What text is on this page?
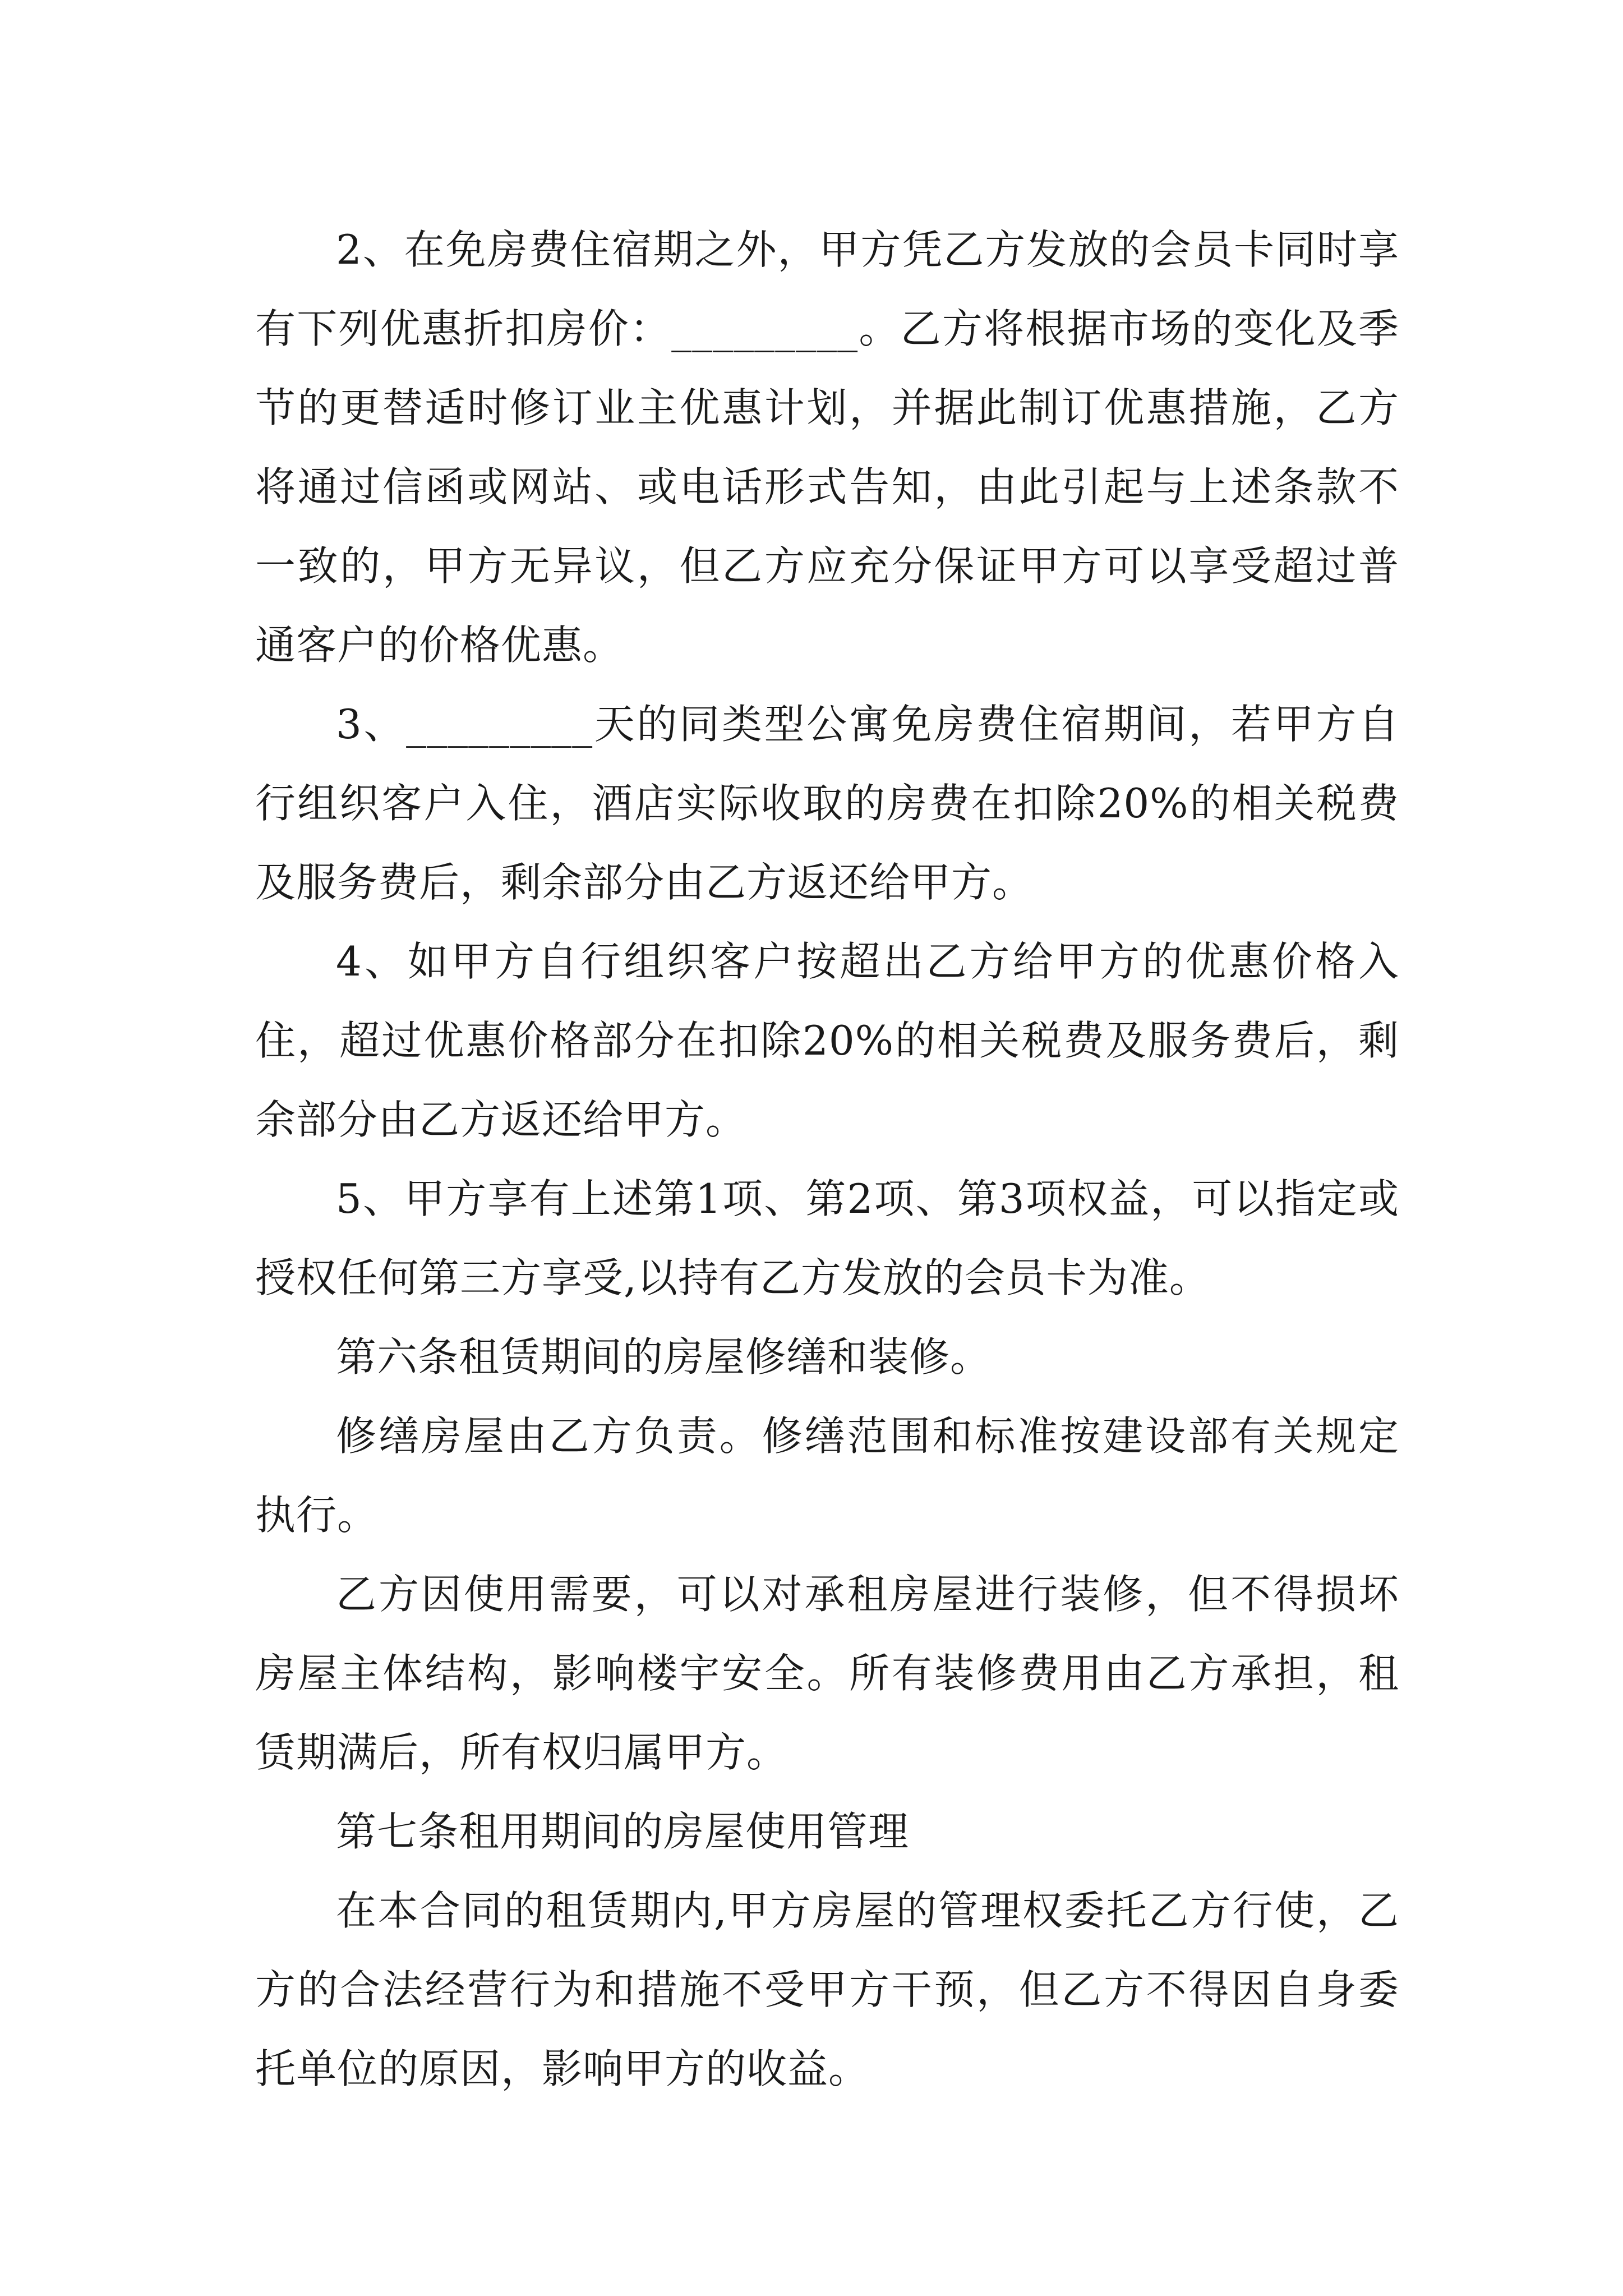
2、在免房费住宿期之外，甲方凭乙方发放的会员卡同时享有下列优惠折扣房价：_________。乙方将根据市场的变化及季节的更替适时修订业主优惠计划，并据此制订优惠措施，乙方将通过信函或网站、或电话形式告知，由此引起与上述条款不一致的，甲方无异议，但乙方应充分保证甲方可以享受超过普通客户的价格优惠。

3、_________天的同类型公寓免房费住宿期间，若甲方自行组织客户入住，酒店实际收取的房费在扣除20%的相关税费及服务费后，剩余部分由乙方返还给甲方。

4、如甲方自行组织客户按超出乙方给甲方的优惠价格入住，超过优惠价格部分在扣除20%的相关税费及服务费后，剩余部分由乙方返还给甲方。

5、甲方享有上述第1项、第2项、第3项权益，可以指定或授权任何第三方享受,以持有乙方发放的会员卡为准。

第六条租赁期间的房屋修缮和装修。

修缮房屋由乙方负责。修缮范围和标准按建设部有关规定执行。

乙方因使用需要，可以对承租房屋进行装修，但不得损坏房屋主体结构，影响楼宇安全。所有装修费用由乙方承担，租赁期满后，所有权归属甲方。

第七条租用期间的房屋使用管理

在本合同的租赁期内,甲方房屋的管理权委托乙方行使，乙方的合法经营行为和措施不受甲方干预，但乙方不得因自身委托单位的原因，影响甲方的收益。
